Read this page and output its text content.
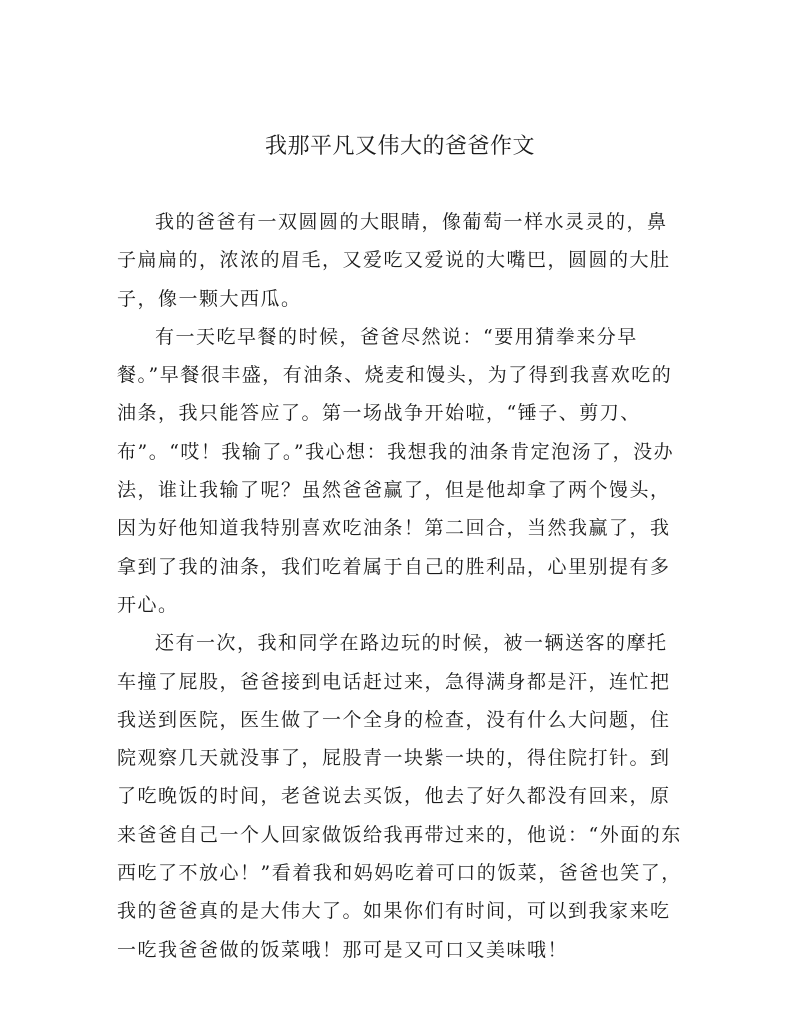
我那平凡又伟大的爸爸作文

我的爸爸有一双圆圆的大眼睛，像葡萄一样水灵灵的，鼻子扁扁的，浓浓的眉毛，又爱吃又爱说的大嘴巴，圆圆的大肚子，像一颗大西瓜。

有一天吃早餐的时候，爸爸尽然说：“要用猜拳来分早餐。”早餐很丰盛，有油条、烧麦和馒头，为了得到我喜欢吃的油条，我只能答应了。第一场战争开始啦，“锤子、剪刀、布”。“哎！我输了。”我心想：我想我的油条肯定泡汤了，没办法，谁让我输了呢？虽然爸爸赢了，但是他却拿了两个馒头，因为好他知道我特别喜欢吃油条！第二回合，当然我赢了，我拿到了我的油条，我们吃着属于自己的胜利品，心里别提有多开心。

还有一次，我和同学在路边玩的时候，被一辆送客的摩托车撞了屁股，爸爸接到电话赶过来，急得满身都是汗，连忙把我送到医院，医生做了一个全身的检查，没有什么大问题，住院观察几天就没事了，屁股青一块紫一块的，得住院打针。到了吃晚饭的时间，老爸说去买饭，他去了好久都没有回来，原来爸爸自己一个人回家做饭给我再带过来的，他说：“外面的东西吃了不放心！”看着我和妈妈吃着可口的饭菜，爸爸也笑了，我的爸爸真的是大伟大了。如果你们有时间，可以到我家来吃一吃我爸爸做的饭菜哦！那可是又可口又美味哦！
